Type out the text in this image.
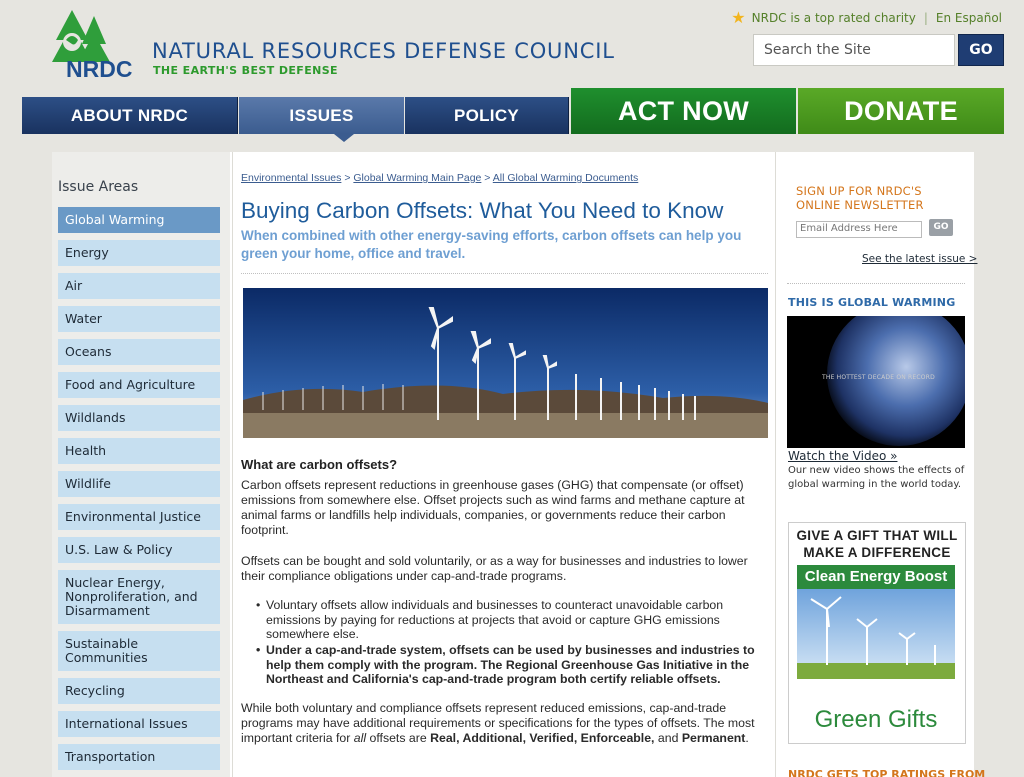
NRDC
NATURAL RESOURCES DEFENSE COUNCIL
THE EARTH'S BEST DEFENSE
★ NRDC is a top rated charity | En Español
Search the Site	GO
ABOUT NRDC	ISSUES	POLICY	ACT NOW	DONATE
Issue Areas
Global Warming
Energy
Air
Water
Oceans
Food and Agriculture
Wildlands
Health
Wildlife
Environmental Justice
U.S. Law & Policy
Nuclear Energy, Nonproliferation, and Disarmament
Sustainable Communities
Recycling
International Issues
Transportation
Environmental Issues > Global Warming Main Page > All Global Warming Documents
Buying Carbon Offsets: What You Need to Know
When combined with other energy-saving efforts, carbon offsets can help you green your home, office and travel.
What are carbon offsets?
Carbon offsets represent reductions in greenhouse gases (GHG) that compensate (or offset) emissions from somewhere else. Offset projects such as wind farms and methane capture at animal farms or landfills help individuals, companies, or governments reduce their carbon footprint.
Offsets can be bought and sold voluntarily, or as a way for businesses and industries to lower their compliance obligations under cap-and-trade programs.
• Voluntary offsets allow individuals and businesses to counteract unavoidable carbon emissions by paying for reductions at projects that avoid or capture GHG emissions somewhere else.
• Under a cap-and-trade system, offsets can be used by businesses and industries to help them comply with the program. The Regional Greenhouse Gas Initiative in the Northeast and California's cap-and-trade program both certify reliable offsets.
While both voluntary and compliance offsets represent reduced emissions, cap-and-trade programs may have additional requirements or specifications for the types of offsets. The most important criteria for all offsets are Real, Additional, Verified, Enforceable, and Permanent.
SIGN UP FOR NRDC'S ONLINE NEWSLETTER
Email Address Here	GO
See the latest issue >
THIS IS GLOBAL WARMING
THE HOTTEST DECADE ON RECORD
Watch the Video »
Our new video shows the effects of global warming in the world today.
GIVE A GIFT THAT WILL MAKE A DIFFERENCE
Clean Energy Boost
Green Gifts
NRDC GETS TOP RATINGS FROM
